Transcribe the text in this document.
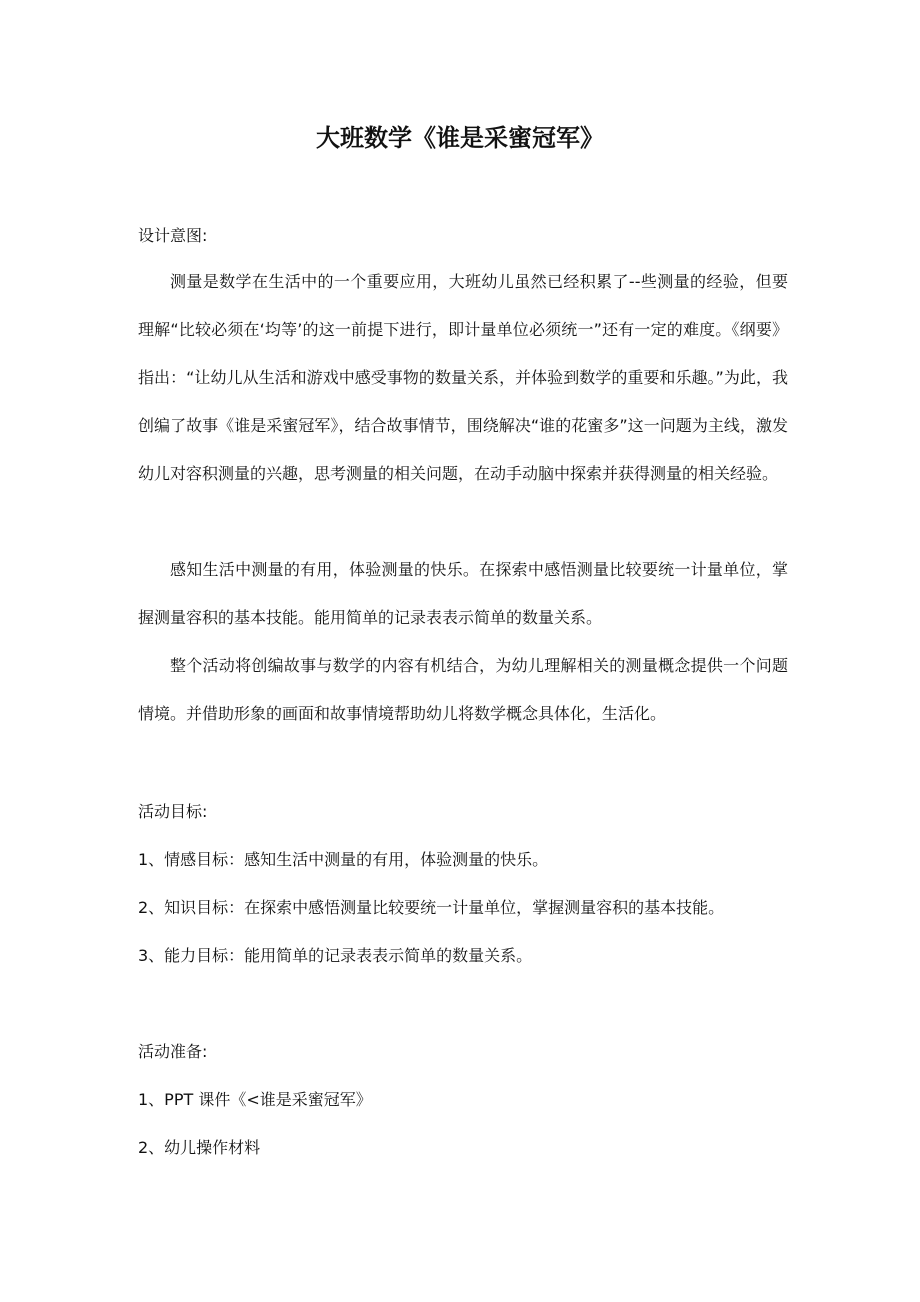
大班数学《谁是采蜜冠军》
设计意图:
测量是数学在生活中的一个重要应用，大班幼儿虽然已经积累了--些测量的经验，但要理解“比较必须在‘均等’的这一前提下进行，即计量单位必须统一”还有一定的难度。《纲要》指出：“让幼儿从生活和游戏中感受事物的数量关系，并体验到数学的重要和乐趣。”为此，我创编了故事《谁是采蜜冠军》，结合故事情节，围绕解决“谁的花蜜多”这一问题为主线，激发幼儿对容积测量的兴趣，思考测量的相关问题，在动手动脑中探索并获得测量的相关经验。
感知生活中测量的有用，体验测量的快乐。在探索中感悟测量比较要统一计量单位，掌握测量容积的基本技能。能用简单的记录表表示简单的数量关系。
整个活动将创编故事与数学的内容有机结合，为幼儿理解相关的测量概念提供一个问题情境。并借助形象的画面和故事情境帮助幼儿将数学概念具体化，生活化。
活动目标:
1、情感目标：感知生活中测量的有用，体验测量的快乐。
2、知识目标：在探索中感悟测量比较要统一计量单位，掌握测量容积的基本技能。
3、能力目标：能用简单的记录表表示简单的数量关系。
活动准备:
1、PPT 课件《<谁是采蜜冠军》
2、幼儿操作材料
